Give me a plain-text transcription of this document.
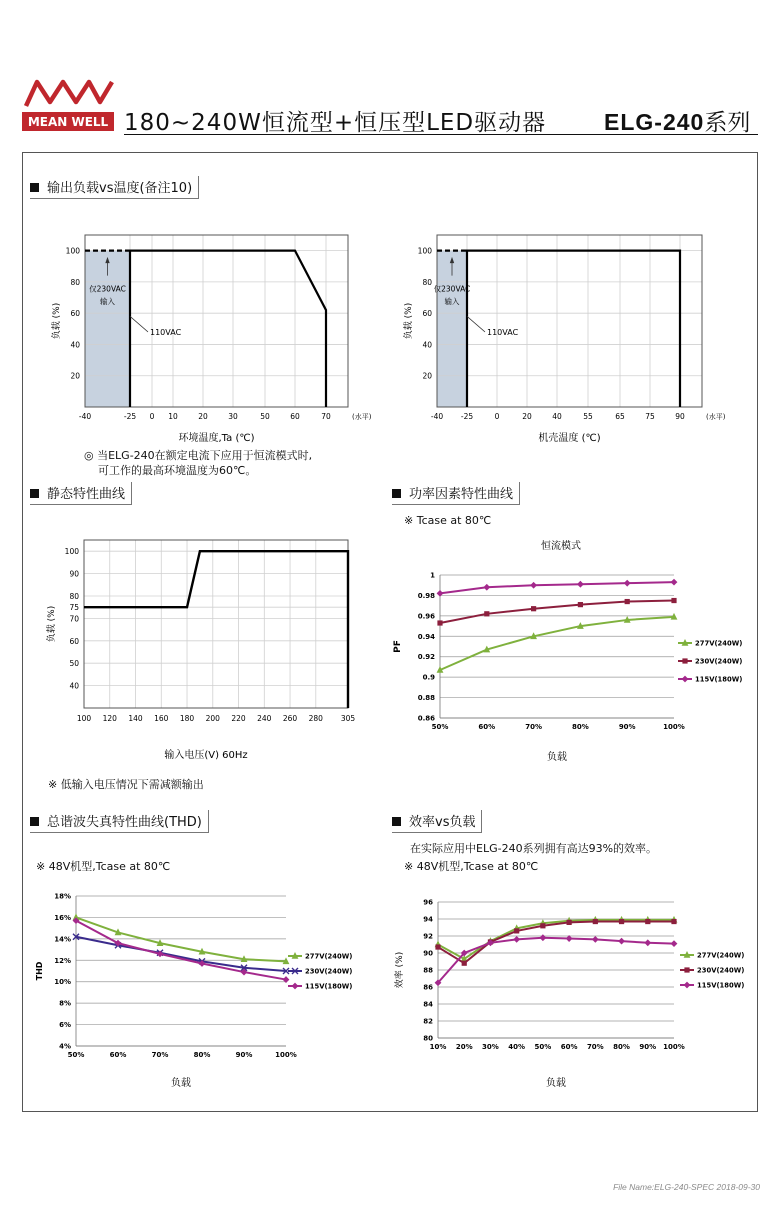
MEAN WELL 180~240W恒流型+恒压型LED驱动器	ELG-240系列
输出负载vs温度(备注10)
静态特性曲线	功率因素特性曲线
总谐波失真特性曲线(THD)	效率vs负载
◎ 当ELG-240在额定电流下应用于恒流模式时,
可工作的最高环境温度为60℃。
※ 低输入电压情况下需减额输出
※ Tcase at 80℃
※ 48V机型,Tcase at 80℃
在实际应用中ELG-240系列拥有高达93%的效率。
※ 48V机型,Tcase at 80℃
-40	-25 0 10	20	30	50	60	70
20
40
60
80
100
(水平)
仅230VAC
输入
110VAC
负载 (%)
环境温度,Ta (℃)
-40 -25	0	20	40	55	65	75	90
20
40
60
80
100
(水平)
仅230VAC
输入
110VAC
负载 (%)
机壳温度 (℃)
100 120 140 160 180 200 220 240 260 280 305
40
50
60
70
75
80
90
100
负载 (%)
输入电压(V) 60Hz
0.86
0.88
0.9
0.92
0.94
0.96
0.98
1
50%	60%	70%	80%	90%	100%
277V(240W)
230V(240W)
115V(180W)
恒流模式
PF
负载
4%
6%
8%
10%
12%
14%
16%
18%
50%	60%	70%	80%	90%	100%
277V(240W)
230V(240W)
115V(180W)
THD
负载
80
82
84
86
88
90
92
94
96
10% 20% 30% 40% 50% 60% 70% 80% 90% 100%
277V(240W)
230V(240W)
115V(180W)
效率 (%)
负载
File Name:ELG-240-SPEC 2018-09-30
